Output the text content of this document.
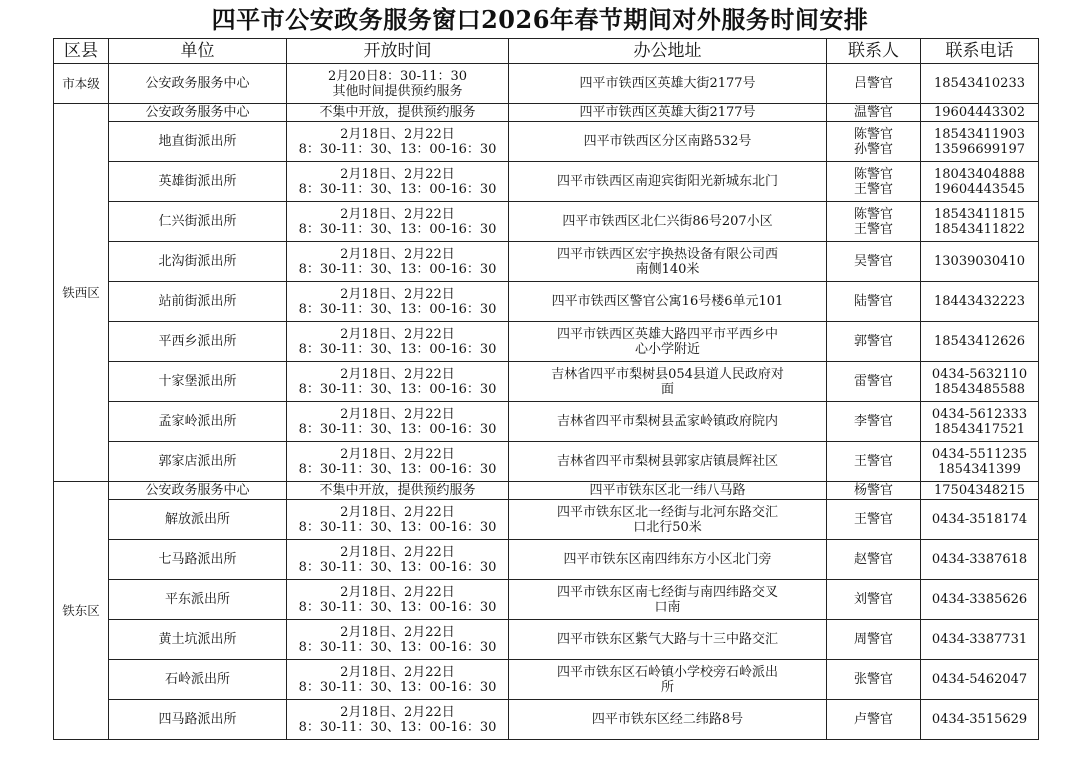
四平市公安政务服务窗口2026年春节期间对外服务时间安排
区县	单位	开放时间	办公地址	联系人	联系电话
市本级	公安政务服务中心	2月20日8：30-11：30
其他时间提供预约服务	四平市铁西区英雄大街2177号	吕警官	18543410233
铁西区	公安政务服务中心	不集中开放，提供预约服务	四平市铁西区英雄大街2177号	温警官	19604443302
	地直街派出所	2月18日、2月22日
8：30-11：30、13：00-16：30	四平市铁西区分区南路532号	陈警官
孙警官	18543411903
13596699197
	英雄街派出所	2月18日、2月22日
8：30-11：30、13：00-16：30	四平市铁西区南迎宾街阳光新城东北门	陈警官
王警官	18043404888
19604443545
	仁兴街派出所	2月18日、2月22日
8：30-11：30、13：00-16：30	四平市铁西区北仁兴街86号207小区	陈警官
王警官	18543411815
18543411822
	北沟街派出所	2月18日、2月22日
8：30-11：30、13：00-16：30	四平市铁西区宏宇换热设备有限公司西
南侧140米	吴警官	13039030410
	站前街派出所	2月18日、2月22日
8：30-11：30、13：00-16：30	四平市铁西区警官公寓16号楼6单元101	陆警官	18443432223
	平西乡派出所	2月18日、2月22日
8：30-11：30、13：00-16：30	四平市铁西区英雄大路四平市平西乡中
心小学附近	郭警官	18543412626
	十家堡派出所	2月18日、2月22日
8：30-11：30、13：00-16：30	吉林省四平市梨树县054县道人民政府对
面	雷警官	0434-5632110
18543485588
	孟家岭派出所	2月18日、2月22日
8：30-11：30、13：00-16：30	吉林省四平市梨树县孟家岭镇政府院内	李警官	0434-5612333
18543417521
	郭家店派出所	2月18日、2月22日
8：30-11：30、13：00-16：30	吉林省四平市梨树县郭家店镇晨辉社区	王警官	0434-5511235
1854341399
铁东区	公安政务服务中心	不集中开放，提供预约服务	四平市铁东区北一纬八马路	杨警官	17504348215
	解放派出所	2月18日、2月22日
8：30-11：30、13：00-16：30	四平市铁东区北一经街与北河东路交汇
口北行50米	王警官	0434-3518174
	七马路派出所	2月18日、2月22日
8：30-11：30、13：00-16：30	四平市铁东区南四纬东方小区北门旁	赵警官	0434-3387618
	平东派出所	2月18日、2月22日
8：30-11：30、13：00-16：30	四平市铁东区南七经街与南四纬路交叉
口南	刘警官	0434-3385626
	黄土坑派出所	2月18日、2月22日
8：30-11：30、13：00-16：30	四平市铁东区紫气大路与十三中路交汇	周警官	0434-3387731
	石岭派出所	2月18日、2月22日
8：30-11：30、13：00-16：30	四平市铁东区石岭镇小学校旁石岭派出
所	张警官	0434-5462047
	四马路派出所	2月18日、2月22日
8：30-11：30、13：00-16：30	四平市铁东区经二纬路8号	卢警官	0434-3515629
